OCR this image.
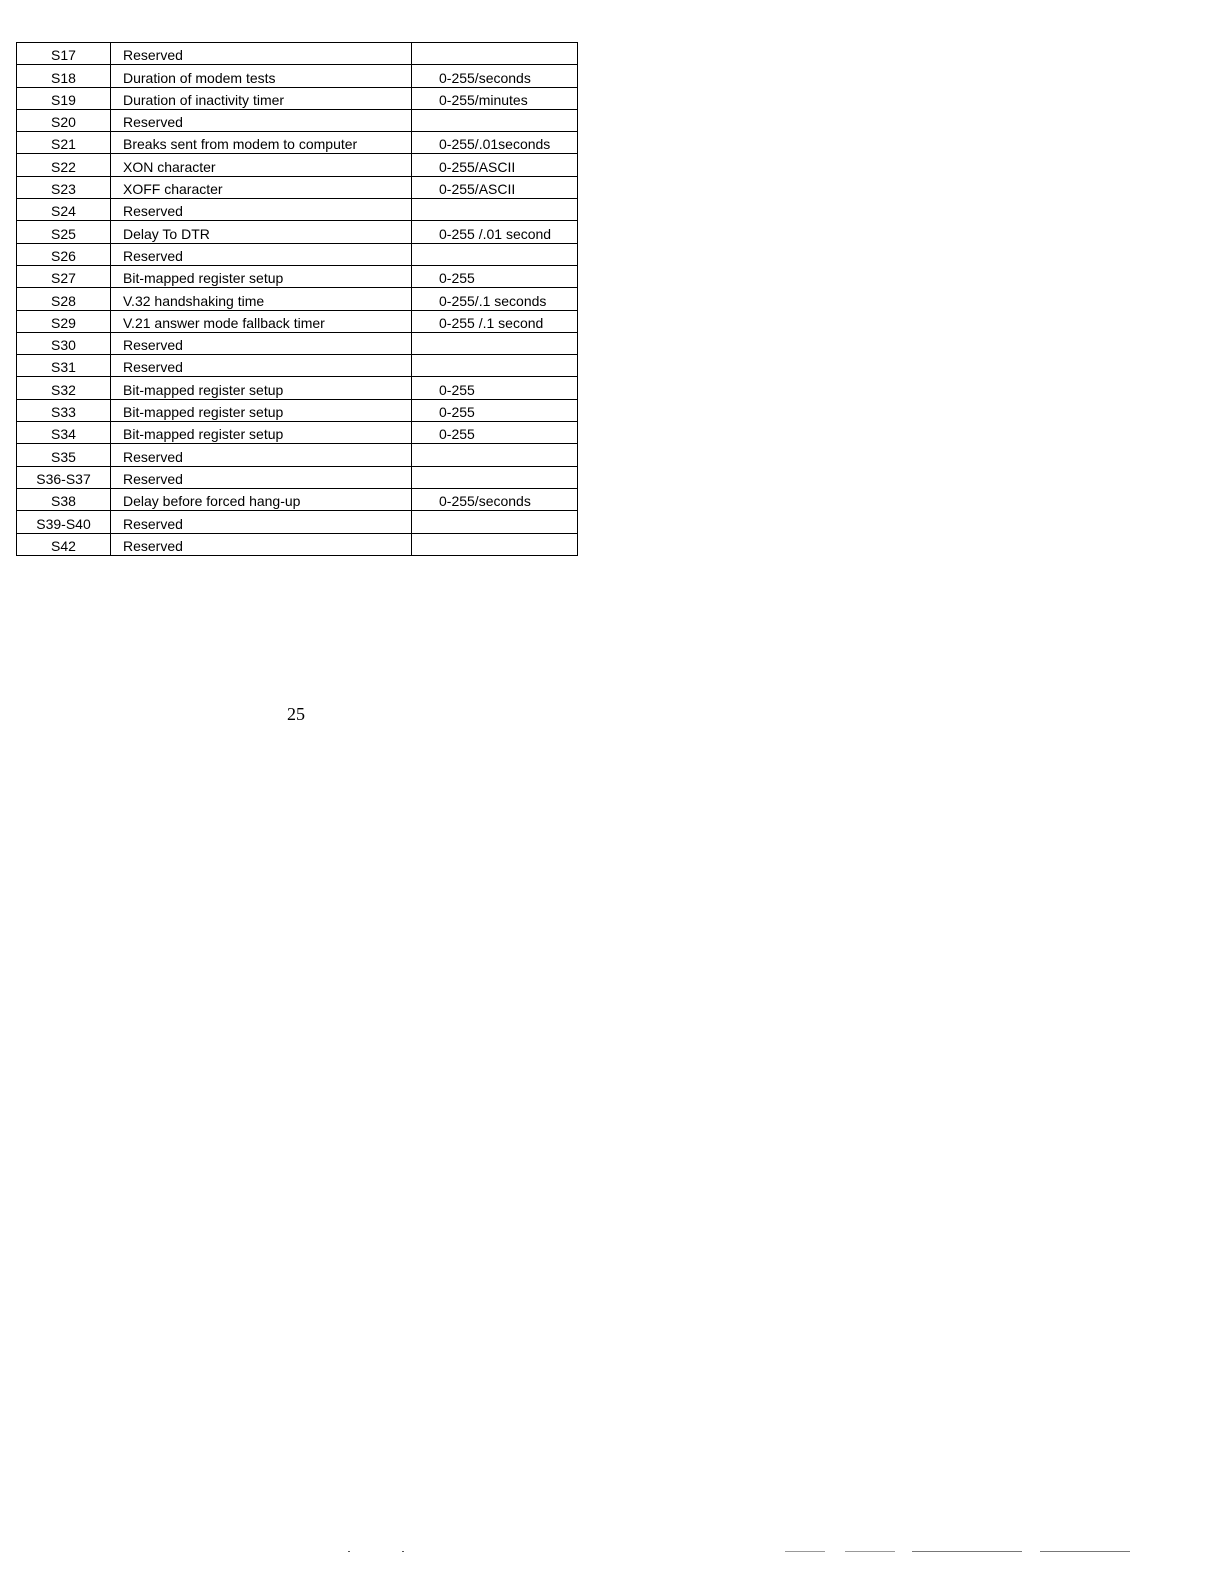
S17	Reserved	
S18	Duration of modem tests	0-255/seconds
S19	Duration of inactivity timer	0-255/minutes
S20	Reserved	
S21	Breaks sent from modem to computer	0-255/.01seconds
S22	XON character	0-255/ASCII
S23	XOFF character	0-255/ASCII
S24	Reserved	
S25	Delay To DTR	0-255 /.01 second
S26	Reserved	
S27	Bit-mapped register setup	0-255
S28	V.32 handshaking time	0-255/.1 seconds
S29	V.21 answer mode fallback timer	0-255 /.1 second
S30	Reserved	
S31	Reserved	
S32	Bit-mapped register setup	0-255
S33	Bit-mapped register setup	0-255
S34	Bit-mapped register setup	0-255
S35	Reserved	
S36-S37	Reserved	
S38	Delay before forced hang-up	0-255/seconds
S39-S40	Reserved	
S42	Reserved	
25
